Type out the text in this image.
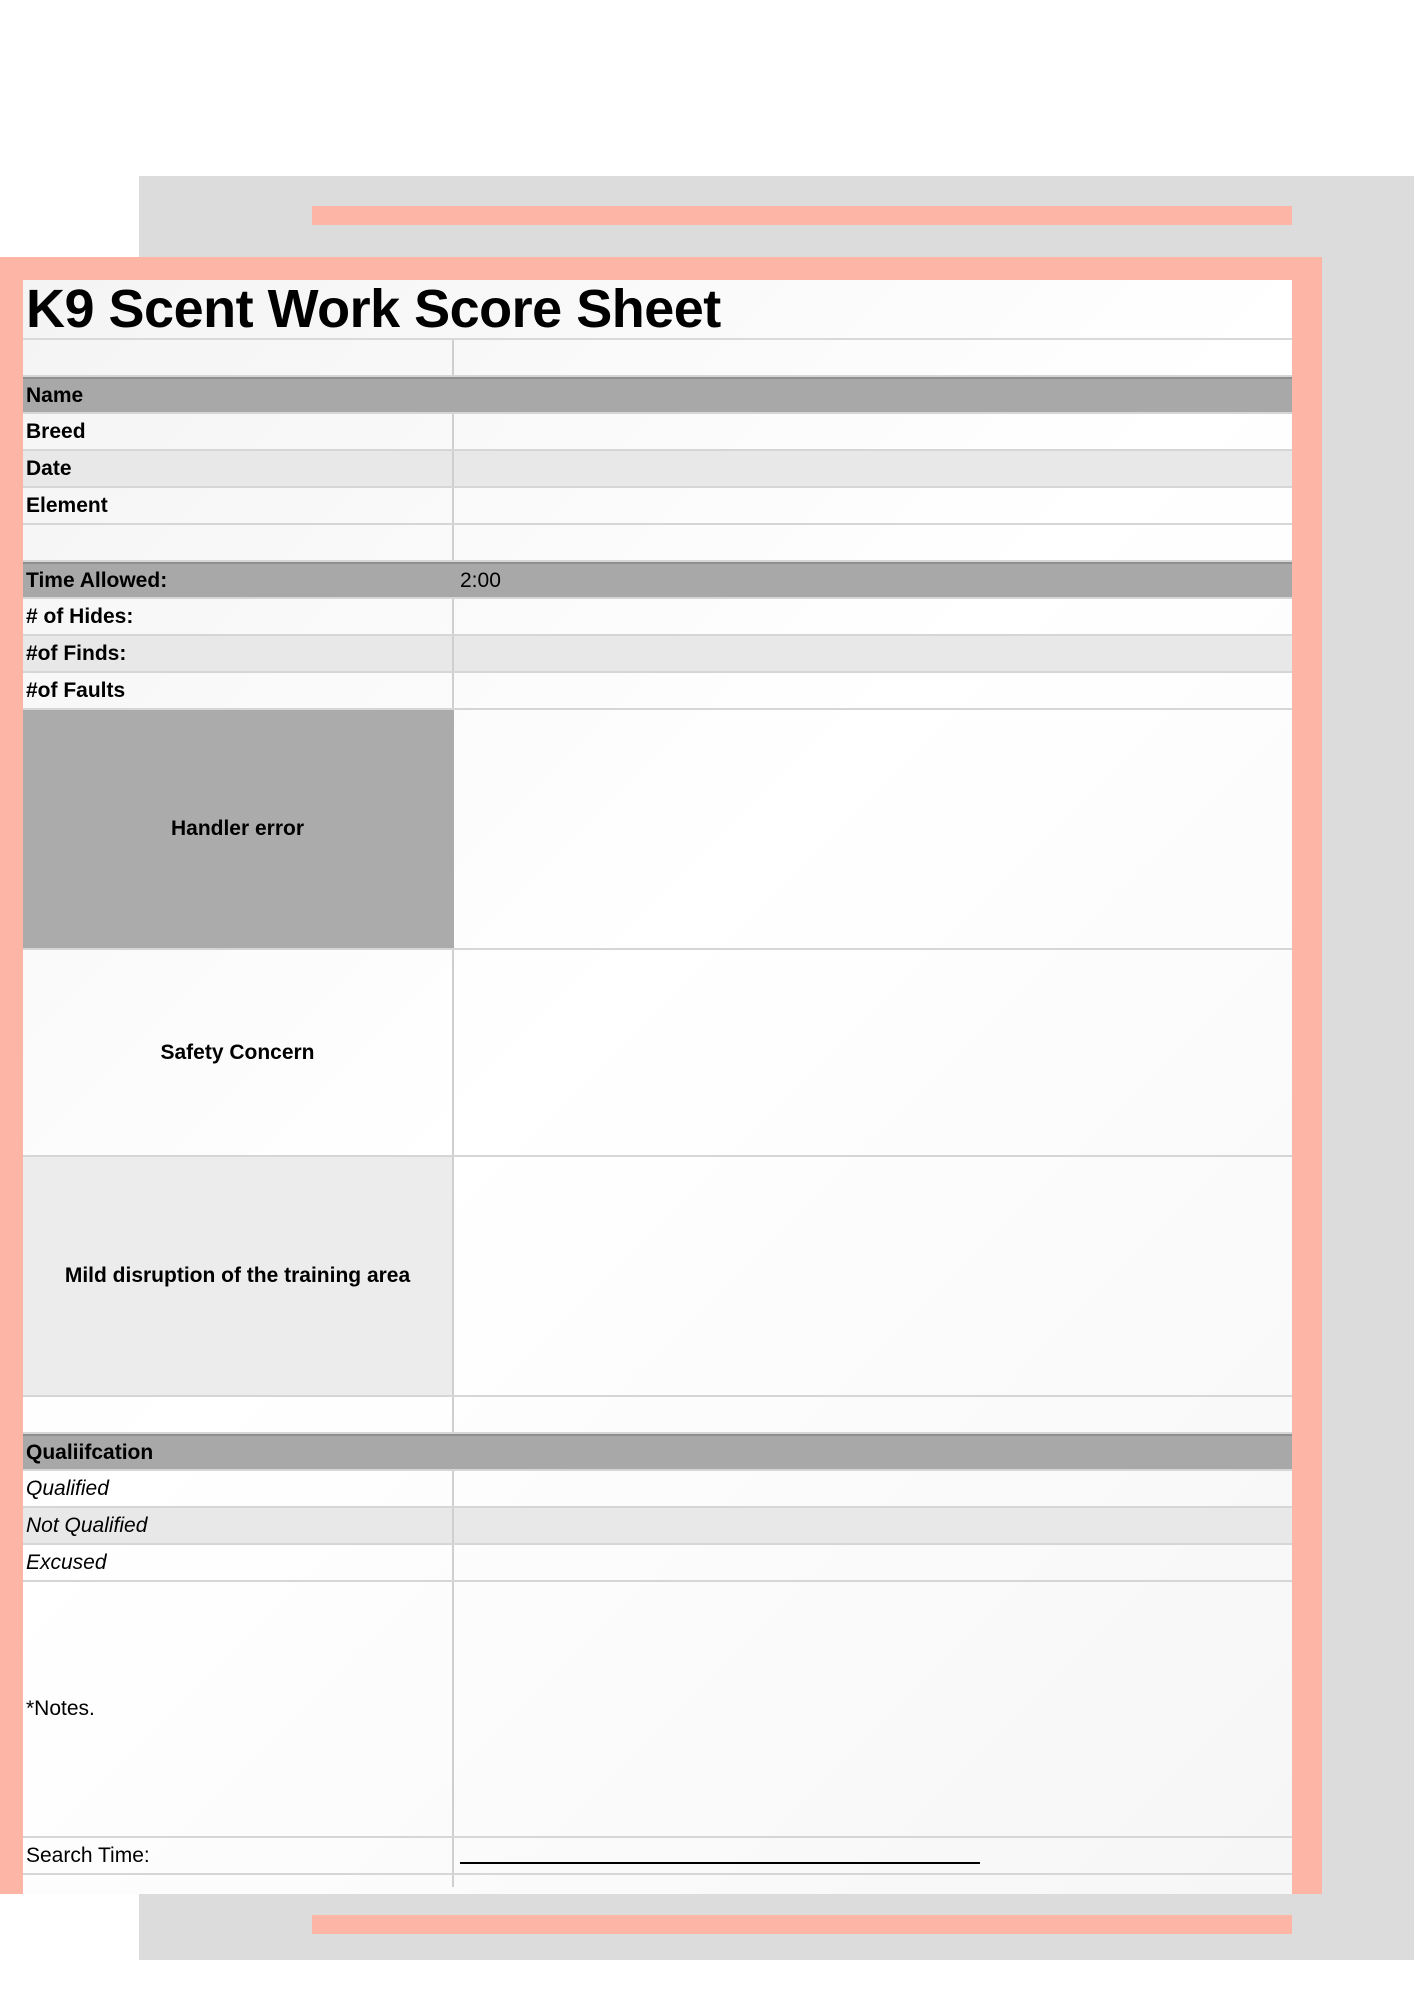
K9 Scent Work Score Sheet
Name
Breed
Date
Element
Time Allowed:	2:00
# of Hides:
#of Finds:
#of Faults
Handler error
Safety Concern
Mild disruption of the training area
Qualiifcation
Qualified
Not Qualified
Excused
*Notes.
Search Time:
